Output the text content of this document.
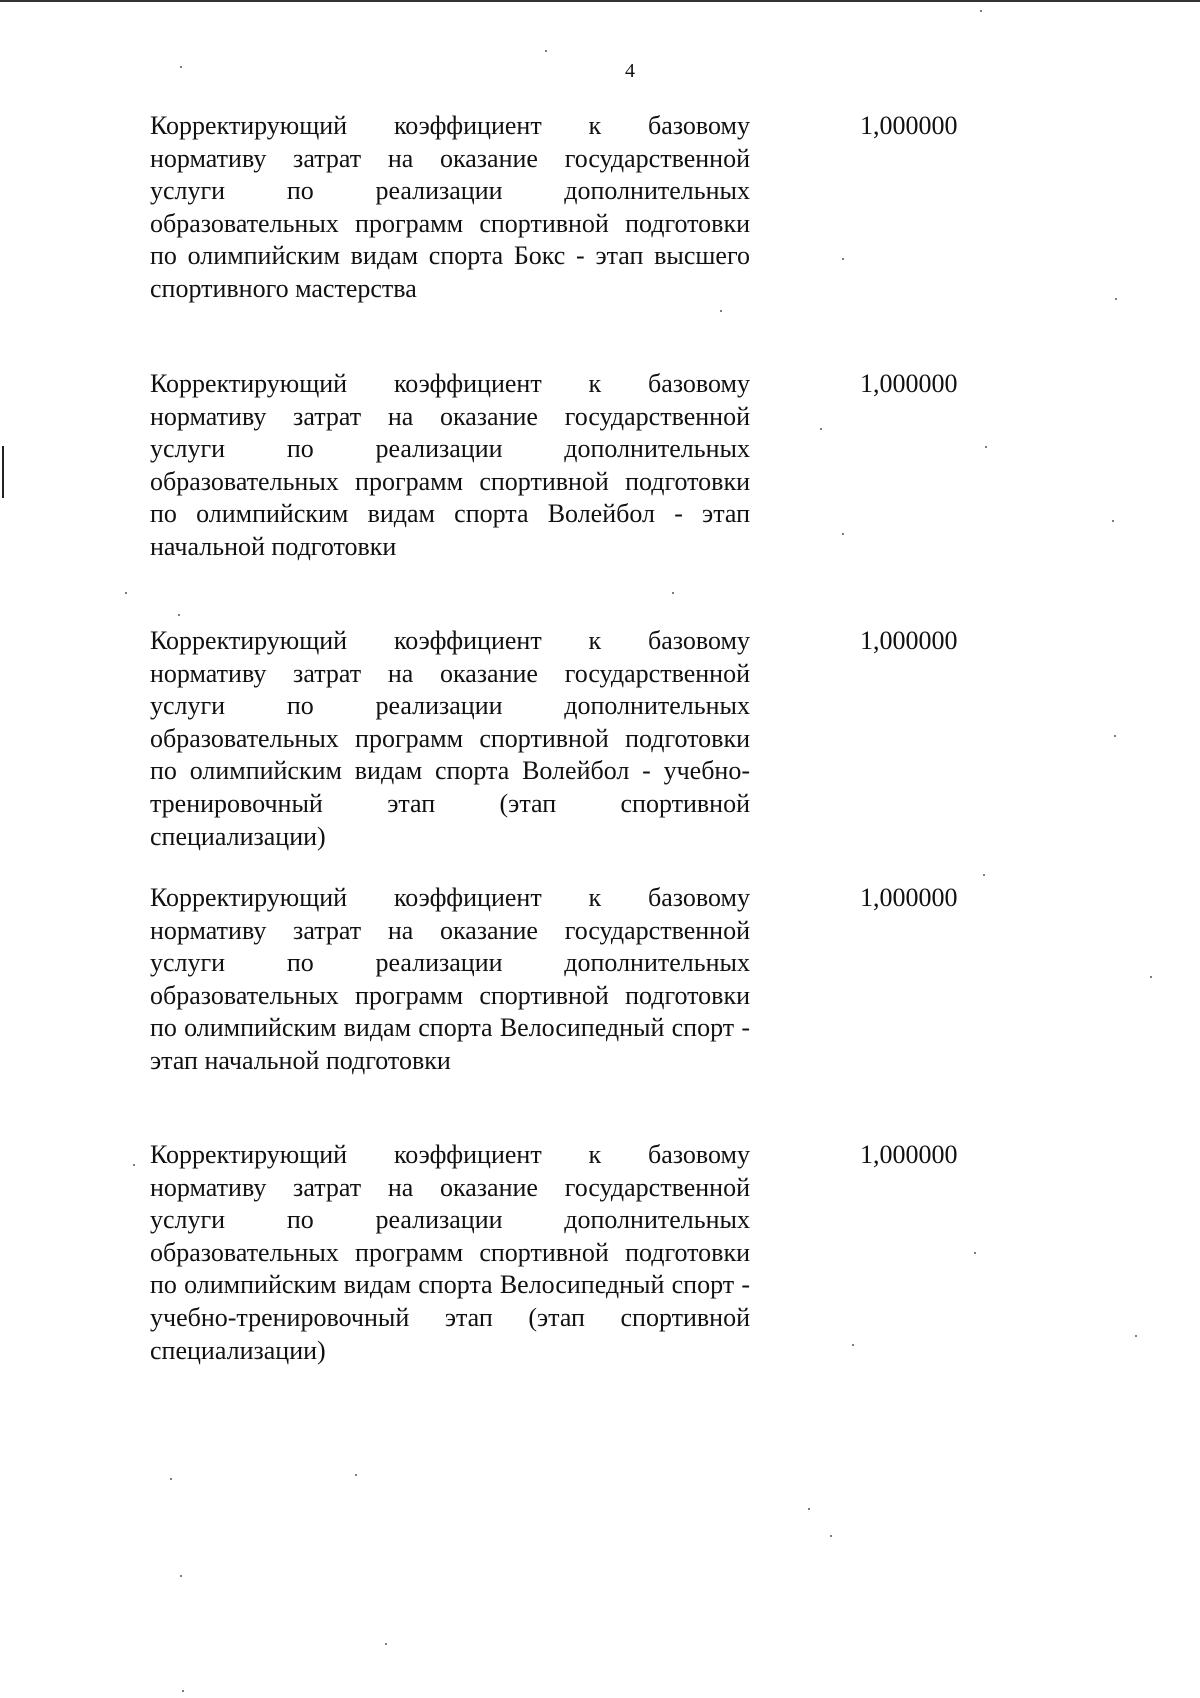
4

Корректирующий коэффициент к базовому нормативу затрат на оказание государственной услуги по реализации дополнительных образовательных программ спортивной подготовки по олимпийским видам спорта Бокс - этап высшего спортивного мастерства

1,000000

Корректирующий коэффициент к базовому нормативу затрат на оказание государственной услуги по реализации дополнительных образовательных программ спортивной подготовки по олимпийским видам спорта Волейбол - этап начальной подготовки

1,000000

Корректирующий коэффициент к базовому нормативу затрат на оказание государственной услуги по реализации дополнительных образовательных программ спортивной подготовки по олимпийским видам спорта Волейбол - учебно-тренировочный этап (этап спортивной специализации)

1,000000

Корректирующий коэффициент к базовому нормативу затрат на оказание государственной услуги по реализации дополнительных образовательных программ спортивной подготовки по олимпийским видам спорта Велосипедный спорт - этап начальной подготовки

1,000000

Корректирующий коэффициент к базовому нормативу затрат на оказание государственной услуги по реализации дополнительных образовательных программ спортивной подготовки по олимпийским видам спорта Велосипедный спорт - учебно-тренировочный этап (этап спортивной специализации)

1,000000
